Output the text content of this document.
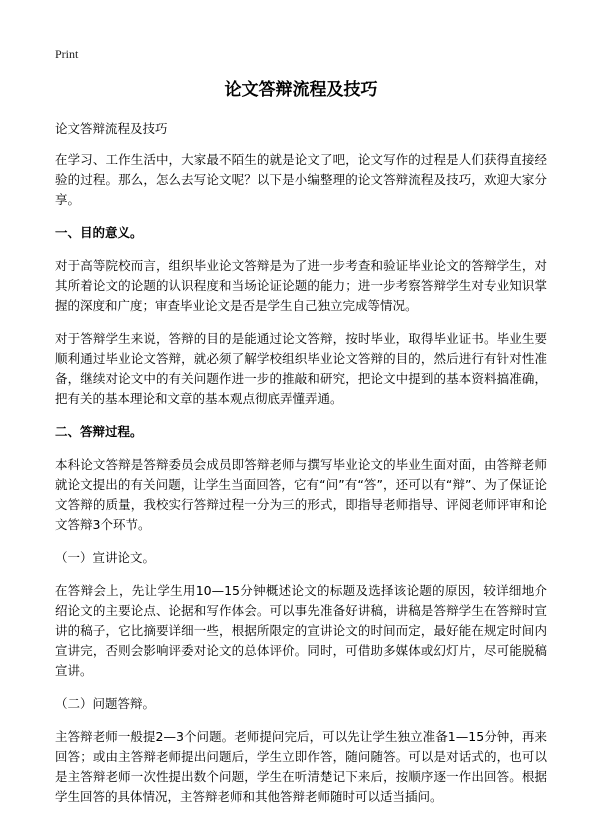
Print
论文答辩流程及技巧

论文答辩流程及技巧

在学习、工作生活中，大家最不陌生的就是论文了吧，论文写作的过程是人们获得直接经验的过程。那么，怎么去写论文呢？以下是小编整理的论文答辩流程及技巧，欢迎大家分享。

一、目的意义。

对于高等院校而言，组织毕业论文答辩是为了进一步考查和验证毕业论文的答辩学生，对其所着论文的论题的认识程度和当场论证论题的能力；进一步考察答辩学生对专业知识掌握的深度和广度；审查毕业论文是否是学生自己独立完成等情况。

对于答辩学生来说，答辩的目的是能通过论文答辩，按时毕业，取得毕业证书。毕业生要顺利通过毕业论文答辩，就必须了解学校组织毕业论文答辩的目的，然后进行有针对性准备，继续对论文中的有关问题作进一步的推敲和研究，把论文中提到的基本资料搞准确，把有关的基本理论和文章的基本观点彻底弄懂弄通。

二、答辩过程。

本科论文答辩是答辩委员会成员即答辩老师与撰写毕业论文的毕业生面对面，由答辩老师就论文提出的有关问题，让学生当面回答，它有“问”有“答”，还可以有“辩”、为了保证论文答辩的质量，我校实行答辩过程一分为三的形式，即指导老师指导、评阅老师评审和论文答辩3个环节。

（一）宣讲论文。

在答辩会上，先让学生用10—15分钟概述论文的标题及选择该论题的原因，较详细地介绍论文的主要论点、论据和写作体会。可以事先准备好讲稿，讲稿是答辩学生在答辩时宣讲的稿子，它比摘要详细一些，根据所限定的宣讲论文的时间而定，最好能在规定时间内宣讲完，否则会影响评委对论文的总体评价。同时，可借助多媒体或幻灯片，尽可能脱稿宣讲。

（二）问题答辩。

主答辩老师一般提2—3个问题。老师提问完后，可以先让学生独立准备1—15分钟，再来回答；或由主答辩老师提出问题后，学生立即作答，随问随答。可以是对话式的，也可以是主答辩老师一次性提出数个问题，学生在听清楚记下来后，按顺序逐一作出回答。根据学生回答的具体情况，主答辩老师和其他答辩老师随时可以适当插问。
